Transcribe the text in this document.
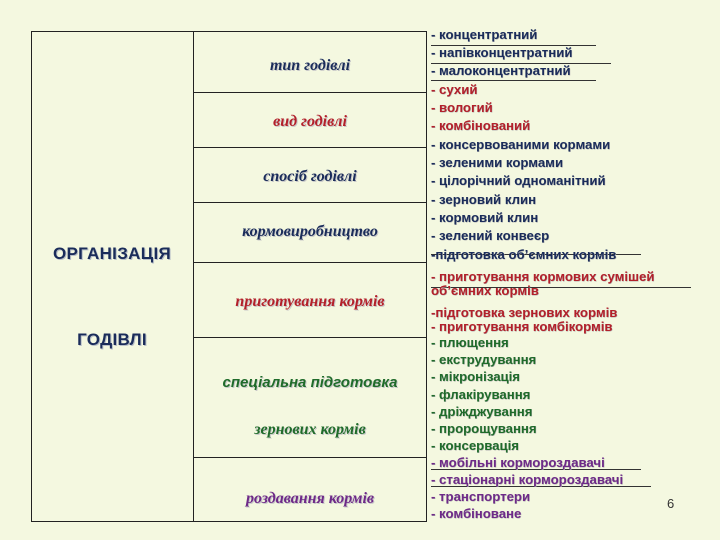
ОРГАНІЗАЦІЯ
ГОДІВЛІ
тип годівлі
вид годівлі
спосіб годівлі
кормовиробництво
приготування кормів
спеціальна підготовка
зернових кормів
роздавання кормів
- концентратний
- напівконцентратний
- малоконцентратний
- сухий
- вологий
- комбінований
- консервованими кормами
- зеленими кормами
- цілорічний одноманітний
- зерновий клин
- кормовий клин
- зелений конвеєр
-підготовка об’ємних кормів
- приготування кормових сумішей об’ємних кормів
-підготовка зернових кормів
- приготування комбікормів
- плющення
- екструдування
- мікронізація
- флакірування
- дріжджування
- пророщування
- консервація
- мобільні кормороздавачі
- стаціонарні кормороздавачі
- транспортери
- комбіноване
6
